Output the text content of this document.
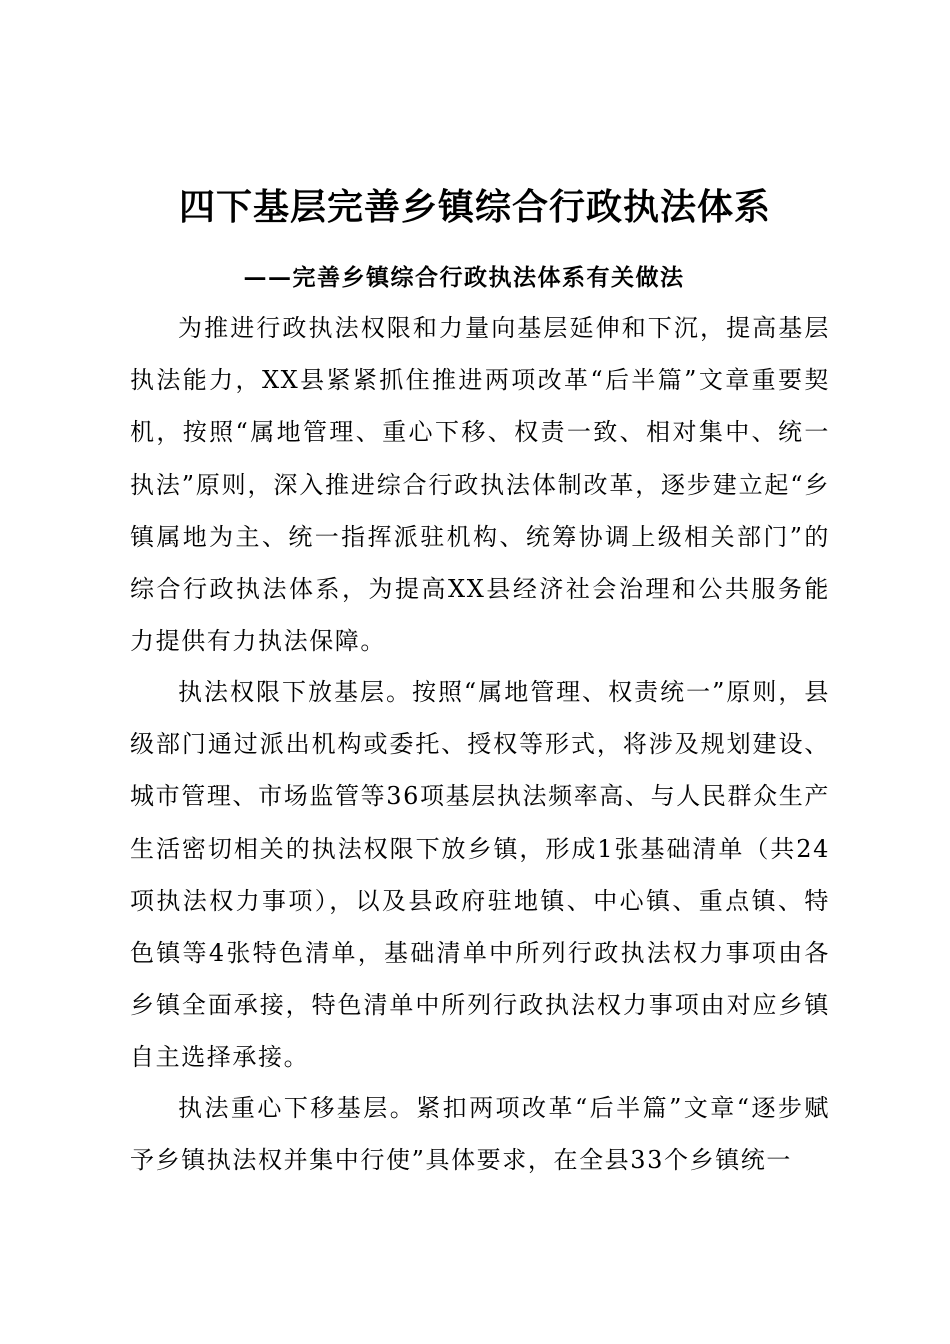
四下基层完善乡镇综合行政执法体系
——完善乡镇综合行政执法体系有关做法

为推进行政执法权限和力量向基层延伸和下沉，提高基层执法能力，XX县紧紧抓住推进两项改革“后半篇”文章重要契机，按照“属地管理、重心下移、权责一致、相对集中、统一执法”原则，深入推进综合行政执法体制改革，逐步建立起“乡镇属地为主、统一指挥派驻机构、统筹协调上级相关部门”的综合行政执法体系，为提高XX县经济社会治理和公共服务能力提供有力执法保障。

执法权限下放基层。按照“属地管理、权责统一”原则，县级部门通过派出机构或委托、授权等形式，将涉及规划建设、城市管理、市场监管等36项基层执法频率高、与人民群众生产生活密切相关的执法权限下放乡镇，形成1张基础清单（共24项执法权力事项），以及县政府驻地镇、中心镇、重点镇、特色镇等4张特色清单，基础清单中所列行政执法权力事项由各乡镇全面承接，特色清单中所列行政执法权力事项由对应乡镇自主选择承接。

执法重心下移基层。紧扣两项改革“后半篇”文章“逐步赋予乡镇执法权并集中行使”具体要求，在全县33个乡镇统一
